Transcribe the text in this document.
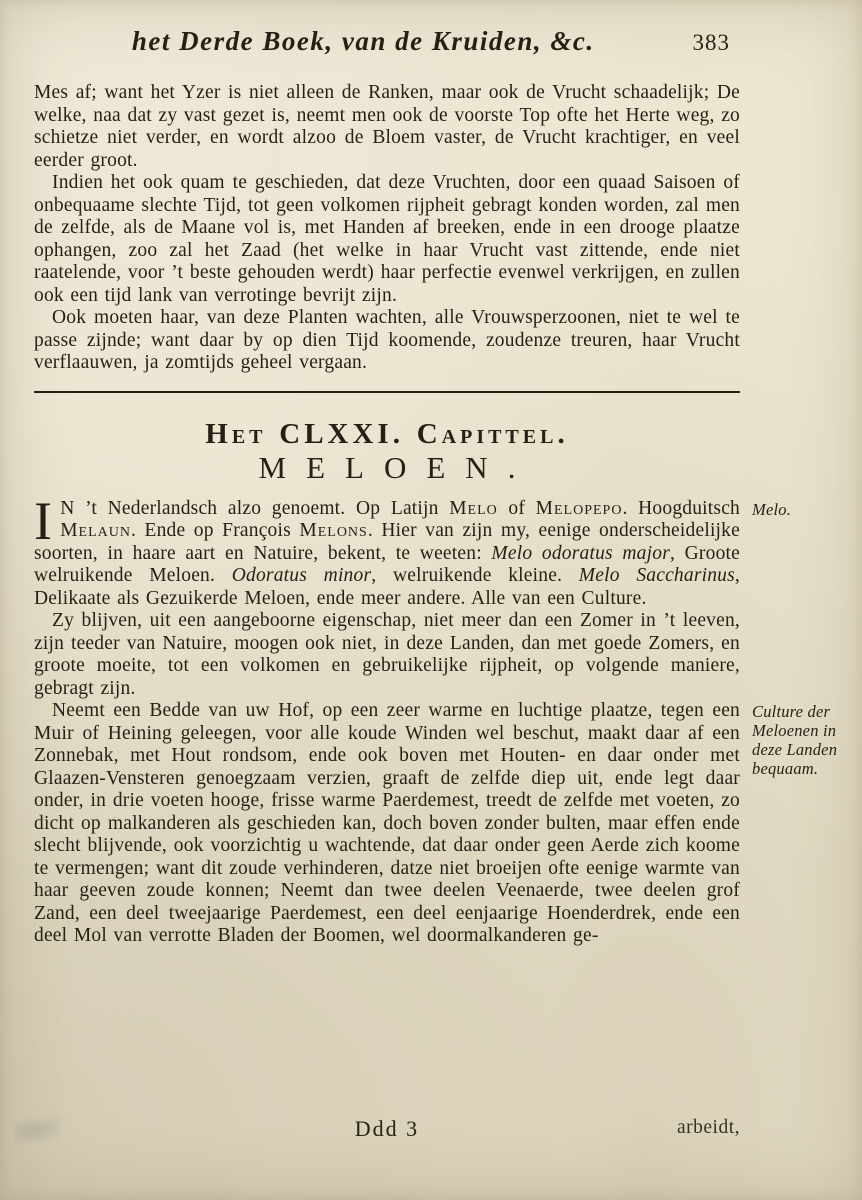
het Derde Boek, van de Kruiden, &c.	383

Mes af; want het Yzer is niet alleen de Ranken, maar ook de Vrucht schaadelijk; De welke, naa dat zy vast gezet is, neemt men ook de voorste Top ofte het Herte weg, zo schietze niet verder, en wordt alzoo de Bloem vaster, de Vrucht krachtiger, en veel eerder groot.

Indien het ook quam te geschieden, dat deze Vruchten, door een quaad Saisoen of onbequaame slechte Tijd, tot geen volkomen rijpheit gebragt konden worden, zal men de zelfde, als de Maane vol is, met Handen af breeken, ende in een drooge plaatze ophangen, zoo zal het Zaad (het welke in haar Vrucht vast zittende, ende niet raatelende, voor ’t beste gehouden werdt) haar perfectie evenwel verkrijgen, en zullen ook een tijd lank van verrotinge bevrijt zijn.

Ook moeten haar, van deze Planten wachten, alle Vrouwsperzoonen, niet te wel te passe zijnde; want daar by op dien Tijd koomende, zoudenze treuren, haar Vrucht verflaauwen, ja zomtijds geheel vergaan.

Het CLXXI. Capittel.
MELOEN.

I N ’t Nederlandsch alzo genoemt. Op Latijn Melo of Melopepo. Hoogduitsch Melaun. Ende op François Melons. Hier van zijn my, eenige onderscheidelijke soorten, in haare aart en Natuire, bekent, te weeten: Melo odoratus major, Groote welruikende Meloen. Odoratus minor, welruikende kleine. Melo Saccharinus, Delikaate als Gezuikerde Meloen, ende meer andere. Alle van een Culture.
Melo.

Zy blijven, uit een aangeboorne eigenschap, niet meer dan een Zomer in ’t leeven, zijn teeder van Natuire, moogen ook niet, in deze Landen, dan met goede Zomers, en groote moeite, tot een volkomen en gebruikelijke rijpheit, op volgende maniere, gebragt zijn.

Neemt een Bedde van uw Hof, op een zeer warme en luchtige plaatze, tegen een Muir of Heining geleegen, voor alle koude Winden wel beschut, maakt daar af een Zonnebak, met Hout rondsom, ende ook boven met Houten- en daar onder met Glaazen-Vensteren genoegzaam verzien, graaft de zelfde diep uit, ende legt daar onder, in drie voeten hooge, frisse warme Paerdemest, treedt de zelfde met voeten, zo dicht op malkanderen als geschieden kan, doch boven zonder bulten, maar effen ende slecht blijvende, ook voorzichtig u wachtende, dat daar onder geen Aerde zich koome te vermengen; want dit zoude verhinderen, datze niet broeijen ofte eenige warmte van haar geeven zoude konnen; Neemt dan twee deelen Veenaerde, twee deelen grof Zand, een deel tweejaarige Paerdemest, een deel eenjaarige Hoenderdrek, ende een deel Mol van verrotte Bladen der Boomen, wel doormalkanderen ge-
Culture der Meloenen in deze Landen bequaam.

Ddd 3	arbeidt,
